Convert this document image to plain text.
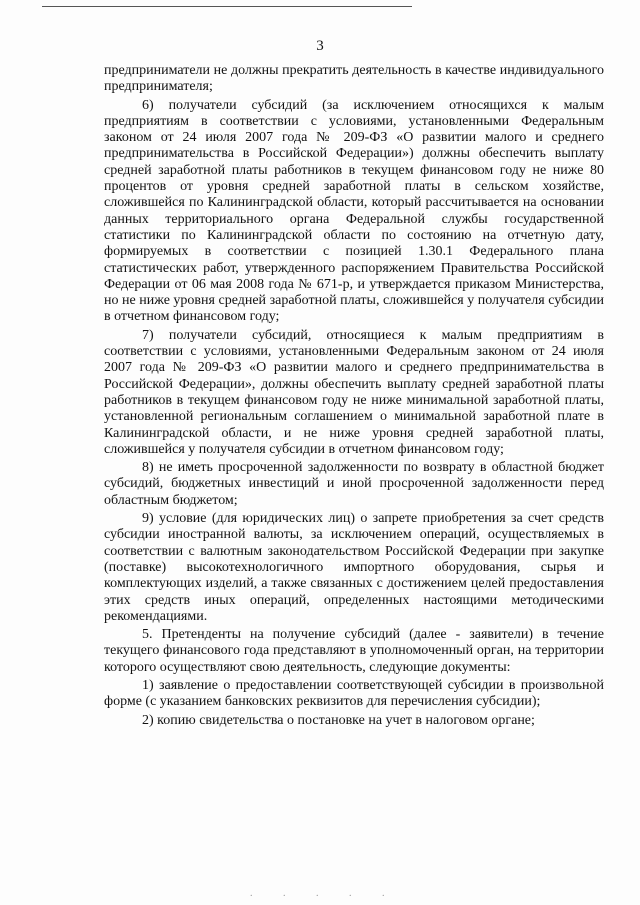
3

предприниматели не должны прекратить деятельность в качестве индивидуального предпринимателя;

6) получатели субсидий (за исключением относящихся к малым предприятиям в соответствии с условиями, установленными Федеральным законом от 24 июля 2007 года № 209-ФЗ «О развитии малого и среднего предпринимательства в Российской Федерации») должны обеспечить выплату средней заработной платы работников в текущем финансовом году не ниже 80 процентов от уровня средней заработной платы в сельском хозяйстве, сложившейся по Калининградской области, который рассчитывается на основании данных территориального органа Федеральной службы государственной статистики по Калининградской области по состоянию на отчетную дату, формируемых в соответствии с позицией 1.30.1 Федерального плана статистических работ, утвержденного распоряжением Правительства Российской Федерации от 06 мая 2008 года № 671-р, и утверждается приказом Министерства, но не ниже уровня средней заработной платы, сложившейся у получателя субсидии в отчетном финансовом году;

7) получатели субсидий, относящиеся к малым предприятиям в соответствии с условиями, установленными Федеральным законом от 24 июля 2007 года № 209-ФЗ «О развитии малого и среднего предпринимательства в Российской Федерации», должны обеспечить выплату средней заработной платы работников в текущем финансовом году не ниже минимальной заработной платы, установленной региональным соглашением о минимальной заработной плате в Калининградской области, и не ниже уровня средней заработной платы, сложившейся у получателя субсидии в отчетном финансовом году;

8) не иметь просроченной задолженности по возврату в областной бюджет субсидий, бюджетных инвестиций и иной просроченной задолженности перед областным бюджетом;

9) условие (для юридических лиц) о запрете приобретения за счет средств субсидии иностранной валюты, за исключением операций, осуществляемых в соответствии с валютным законодательством Российской Федерации при закупке (поставке) высокотехнологичного импортного оборудования, сырья и комплектующих изделий, а также связанных с достижением целей предоставления этих средств иных операций, определенных настоящими методическими рекомендациями.

5. Претенденты на получение субсидий (далее - заявители) в течение текущего финансового года представляют в уполномоченный орган, на территории которого осуществляют свою деятельность, следующие документы:

1) заявление о предоставлении соответствующей субсидии в произвольной форме (с указанием банковских реквизитов для перечисления субсидии);

2) копию свидетельства о постановке на учет в налоговом органе;

. . . . .
